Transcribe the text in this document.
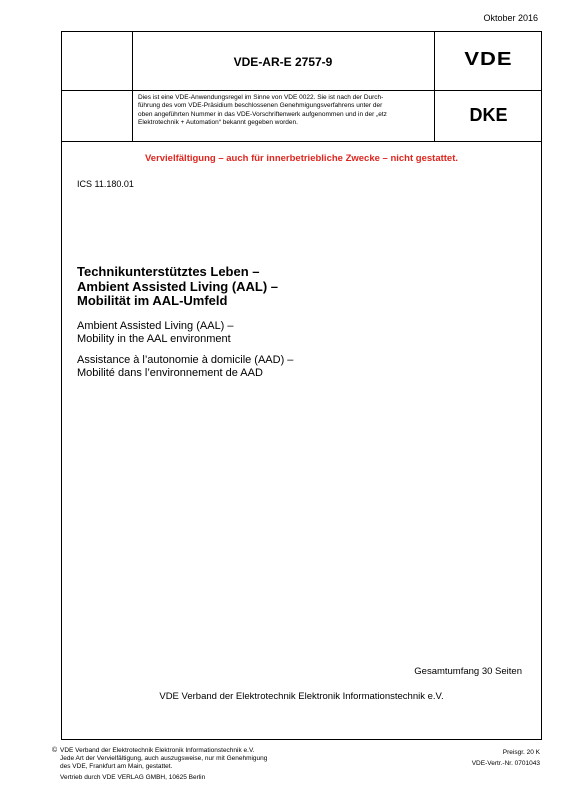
Oktober 2016
VDE-AR-E 2757-9	VDE
Dies ist eine VDE-Anwendungsregel im Sinne von VDE 0022. Sie ist nach der Durch-
führung des vom VDE-Präsidium beschlossenen Genehmigungsverfahrens unter der
oben angeführten Nummer in das VDE-Vorschriftenwerk aufgenommen und in der „etz
Elektrotechnik + Automation“ bekannt gegeben worden.	DKE
Vervielfältigung – auch für innerbetriebliche Zwecke – nicht gestattet.
ICS 11.180.01
Technikunterstütztes Leben –
Ambient Assisted Living (AAL) –
Mobilität im AAL-Umfeld
Ambient Assisted Living (AAL) –
Mobility in the AAL environment
Assistance à l’autonomie à domicile (AAD) –
Mobilité dans l’environnement de AAD
Gesamtumfang 30 Seiten
VDE Verband der Elektrotechnik Elektronik Informationstechnik e.V.
© VDE Verband der Elektrotechnik Elektronik Informationstechnik e.V.
Jede Art der Vervielfältigung, auch auszugsweise, nur mit Genehmigung
des VDE, Frankfurt am Main, gestattet.
Vertrieb durch VDE VERLAG GMBH, 10625 Berlin
Preisgr. 20 K
VDE-Vertr.-Nr. 0701043
